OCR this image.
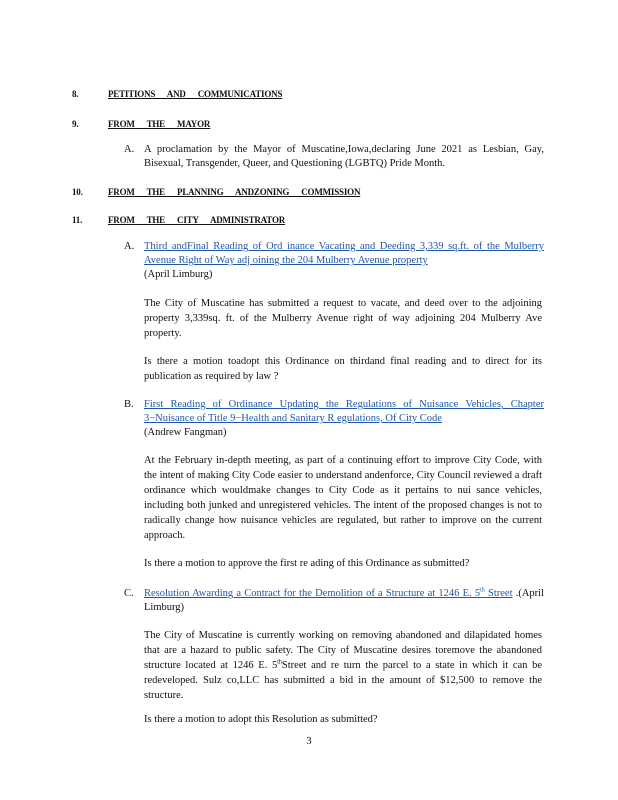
8.	PETITIONS AND COMMUNICATIONS
9.	FROM THE MAYOR
A. A proclamation by the Mayor of Muscatine,Iowa,declaring June 2021 as Lesbian, Gay, Bisexual, Transgender, Queer, and Questioning (LGBTQ) Pride Month.
10.	FROM THE PLANNING ANDZONING COMMISSION
11.	FROM THE CITY ADMINISTRATOR
A. Third andFinal Reading of Ord inance Vacating and Deeding 3,339 sq.ft. of the Mulberry Avenue Right of Way adj oining the 204 Mulberry Avenue property
(April Limburg)
The City of Muscatine has submitted a request to vacate, and deed over to the adjoining property 3,339sq. ft. of the Mulberry Avenue right of way adjoining 204 Mulberry Ave property.
Is there a motion toadopt this Ordinance on thirdand final reading and to direct for its publication as required by law ?
B. First Reading of Ordinance Updating the Regulations of Nuisance Vehicles, Chapter 3−Nuisance of Title 9−Health and Sanitary R egulations, Of City Code
(Andrew Fangman)
At the February in-depth meeting, as part of a continuing effort to improve City Code, with the intent of making City Code easier to understand andenforce, City Council reviewed a draft ordinance which wouldmake changes to City Code as it pertains to nui sance vehicles, including both junked and unregistered vehicles. The intent of the proposed changes is not to radically change how nuisance vehicles are regulated, but rather to improve on the current approach.
Is there a motion to approve the first re ading of this Ordinance as submitted?
C. Resolution Awarding a Contract for the Demolition of a Structure at 1246 E. 5th Street .(April Limburg)
The City of Muscatine is currently working on removing abandoned and dilapidated homes that are a hazard to public safety. The City of Muscatine desires toremove the abandoned structure located at 1246 E. 5thStreet and re turn the parcel to a state in which it can be redeveloped. Sulz co,LLC has submitted a bid in the amount of $12,500 to remove the structure.
Is there a motion to adopt this Resolution as submitted?
3
